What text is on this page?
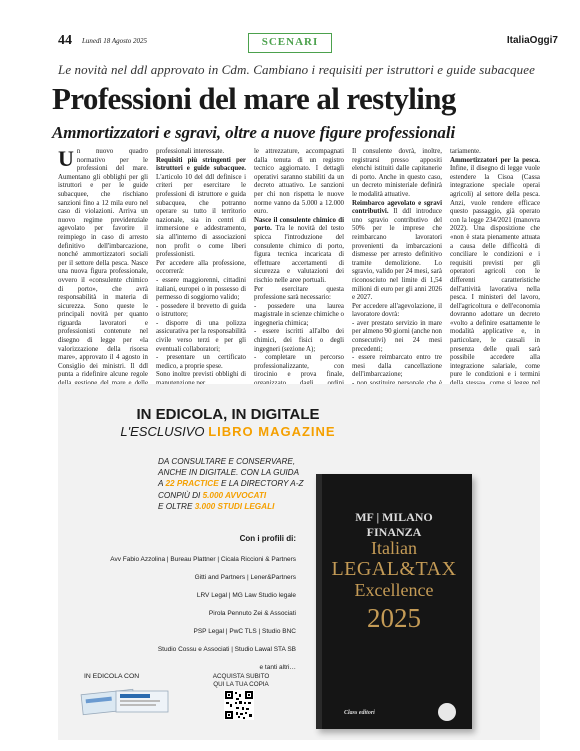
44 Lunedì 18 Agosto 2025	SCENARI	ItaliaOggi7
Le novità nel ddl approvato in Cdm. Cambiano i requisiti per istruttori e guide subacquee
Professioni del mare al restyling
Ammortizzatori e sgravi, oltre a nuove figure professionali
U n nuovo quadro normativo per le professioni del mare. Aumentano gli obblighi per gli istruttori e per le guide subacquee, che rischiano sanzioni fino a 12 mila euro nel caso di violazioni. Arriva un nuovo regime previdenziale agevolato per favorire il reimpiego in caso di arresto definitivo dell'imbarcazione, nonché ammortizzatori sociali per il settore della pesca. Nasce una nuova figura professionale, ovvero il «consulente chimico di porto», che avrà responsabilità in materia di sicurezza. Sono queste le principali novità per quanto riguarda lavoratori e professionisti contenute nel disegno di legge per «la valorizzazione della risorsa mare», approvato il 4 agosto in Consiglio dei ministri. Il ddl punta a ridefinire alcune regole

professionali interessate.

Requisiti più stringenti per istruttori e guide subacquee. L'articolo 10 del ddl definisce i criteri per esercitare le professioni di istruttore e guida subacquea, che potranno operare su tutto il territorio nazionale, sia in centri di immersione e addestramento, sia all'interno di associazioni non profit o come liberi professionisti.

Per accedere alla professione, occorrerà:

- essere maggiorenni, cittadini italiani, europei o in possesso di permesso di soggiorno valido;

- possedere il brevetto di guida o istruttore;

- disporre di una polizza assicurativa per la responsabilità civile verso terzi e per gli eventuali collaboratori;

- presentare un certificato medico, a proprie spese.

Sono inoltre previsti obblighi di

le attrezzature, accompagnati dalla tenuta di un registro tecnico aggiornato. I dettagli operativi saranno stabiliti da un decreto attuativo. Le sanzioni per chi non rispetta le nuove norme vanno da 5.000 a 12.000 euro.

Nasce il consulente chimico di porto. Tra le novità del testo spicca l'introduzione del consulente chimico di porto, figura tecnica incaricata di effettuare accertamenti di sicurezza e valutazioni dei rischio nelle aree portuali.

Per esercitare questa professione sarà necessario:

- possedere una laurea magistrale in scienze chimiche o ingegneria chimica;

- essere iscritti all'albo dei chimici, dei fisici o degli ingegneri (sezione A);

- completare un percorso professionalizzante, con tirocinio e prova finale,

Il consulente dovrà, inoltre, registrarsi presso appositi elenchi istituiti dalle capitanerie di porto. Anche in questo caso, un decreto ministeriale definirà le modalità attuative.

Reimbarco agevolato e sgravi contributivi. Il ddl introduce uno sgravio contributivo del 50% per le imprese che reimbarcano lavoratori provenienti da imbarcazioni dismesse per arresto definitivo tramite demolizione. Lo sgravio, valido per 24 mesi, sarà riconosciuto nel limite di 1,54 milioni di euro per gli anni 2026 e 2027.

Per accedere all'agevolazione, il lavoratore dovrà:

- aver prestato servizio in mare per almeno 90 giorni (anche non consecutivi) nei 24 mesi precedenti;

- essere reimbarcato entro tre mesi dalla cancellazione dell'imbarcazione;

tariamente.

Ammortizzatori per la pesca. Infine, il disegno di legge vuole estendere la Cisoa (Cassa integrazione speciale operai agricoli) al settore della pesca. Anzi, vuole rendere efficace questo passaggio, già operato con la legge 234/2021 (manovra 2022). Una disposizione che «non è stata pienamente attuata a causa delle difficoltà di conciliare le condizioni e i requisiti previsti per gli operatori agricoli con le differenti caratteristiche dell'attività lavorativa nella pesca. I ministeri del lavoro, dell'agricoltura e dell'economia dovranno adottare un decreto «volto a definire esattamente le modalità applicative e, in particolare, le causali in presenza delle quali sarà possibile accedere alla integrazione salariale, come pure le condizioni e i termini

IN EDICOLA, IN DIGITALE
L'ESCLUSIVO LIBRO MAGAZINE
DA CONSULTARE E CONSERVARE,
ANCHE IN DIGITALE. CON LA GUIDA
A 22 PRACTICE E LA DIRECTORY A-Z
CONPIÙ DI 5.000 AVVOCATI
E OLTRE 3.000 STUDI LEGALI
Con i profili di:
Avv Fabio Azzolina | Bureau Plattner | Cicala Riccioni & Partners
Gitti and Partners | Lener&Partners
LRV Legal | MG Law Studio legale
Pirola Pennuto Zei & Associati
PSP Legal | PwC TLS | Studio BNC
Studio Cossu e Associati | Studio Lawal STA SB
e tanti altri…
IN EDICOLA CON	ACQUISTA SUBITO
QUI LA TUA COPIA
MF | MILANO FINANZA
Italian
LEGAL&TAX
Excellence
2025
Class editori
